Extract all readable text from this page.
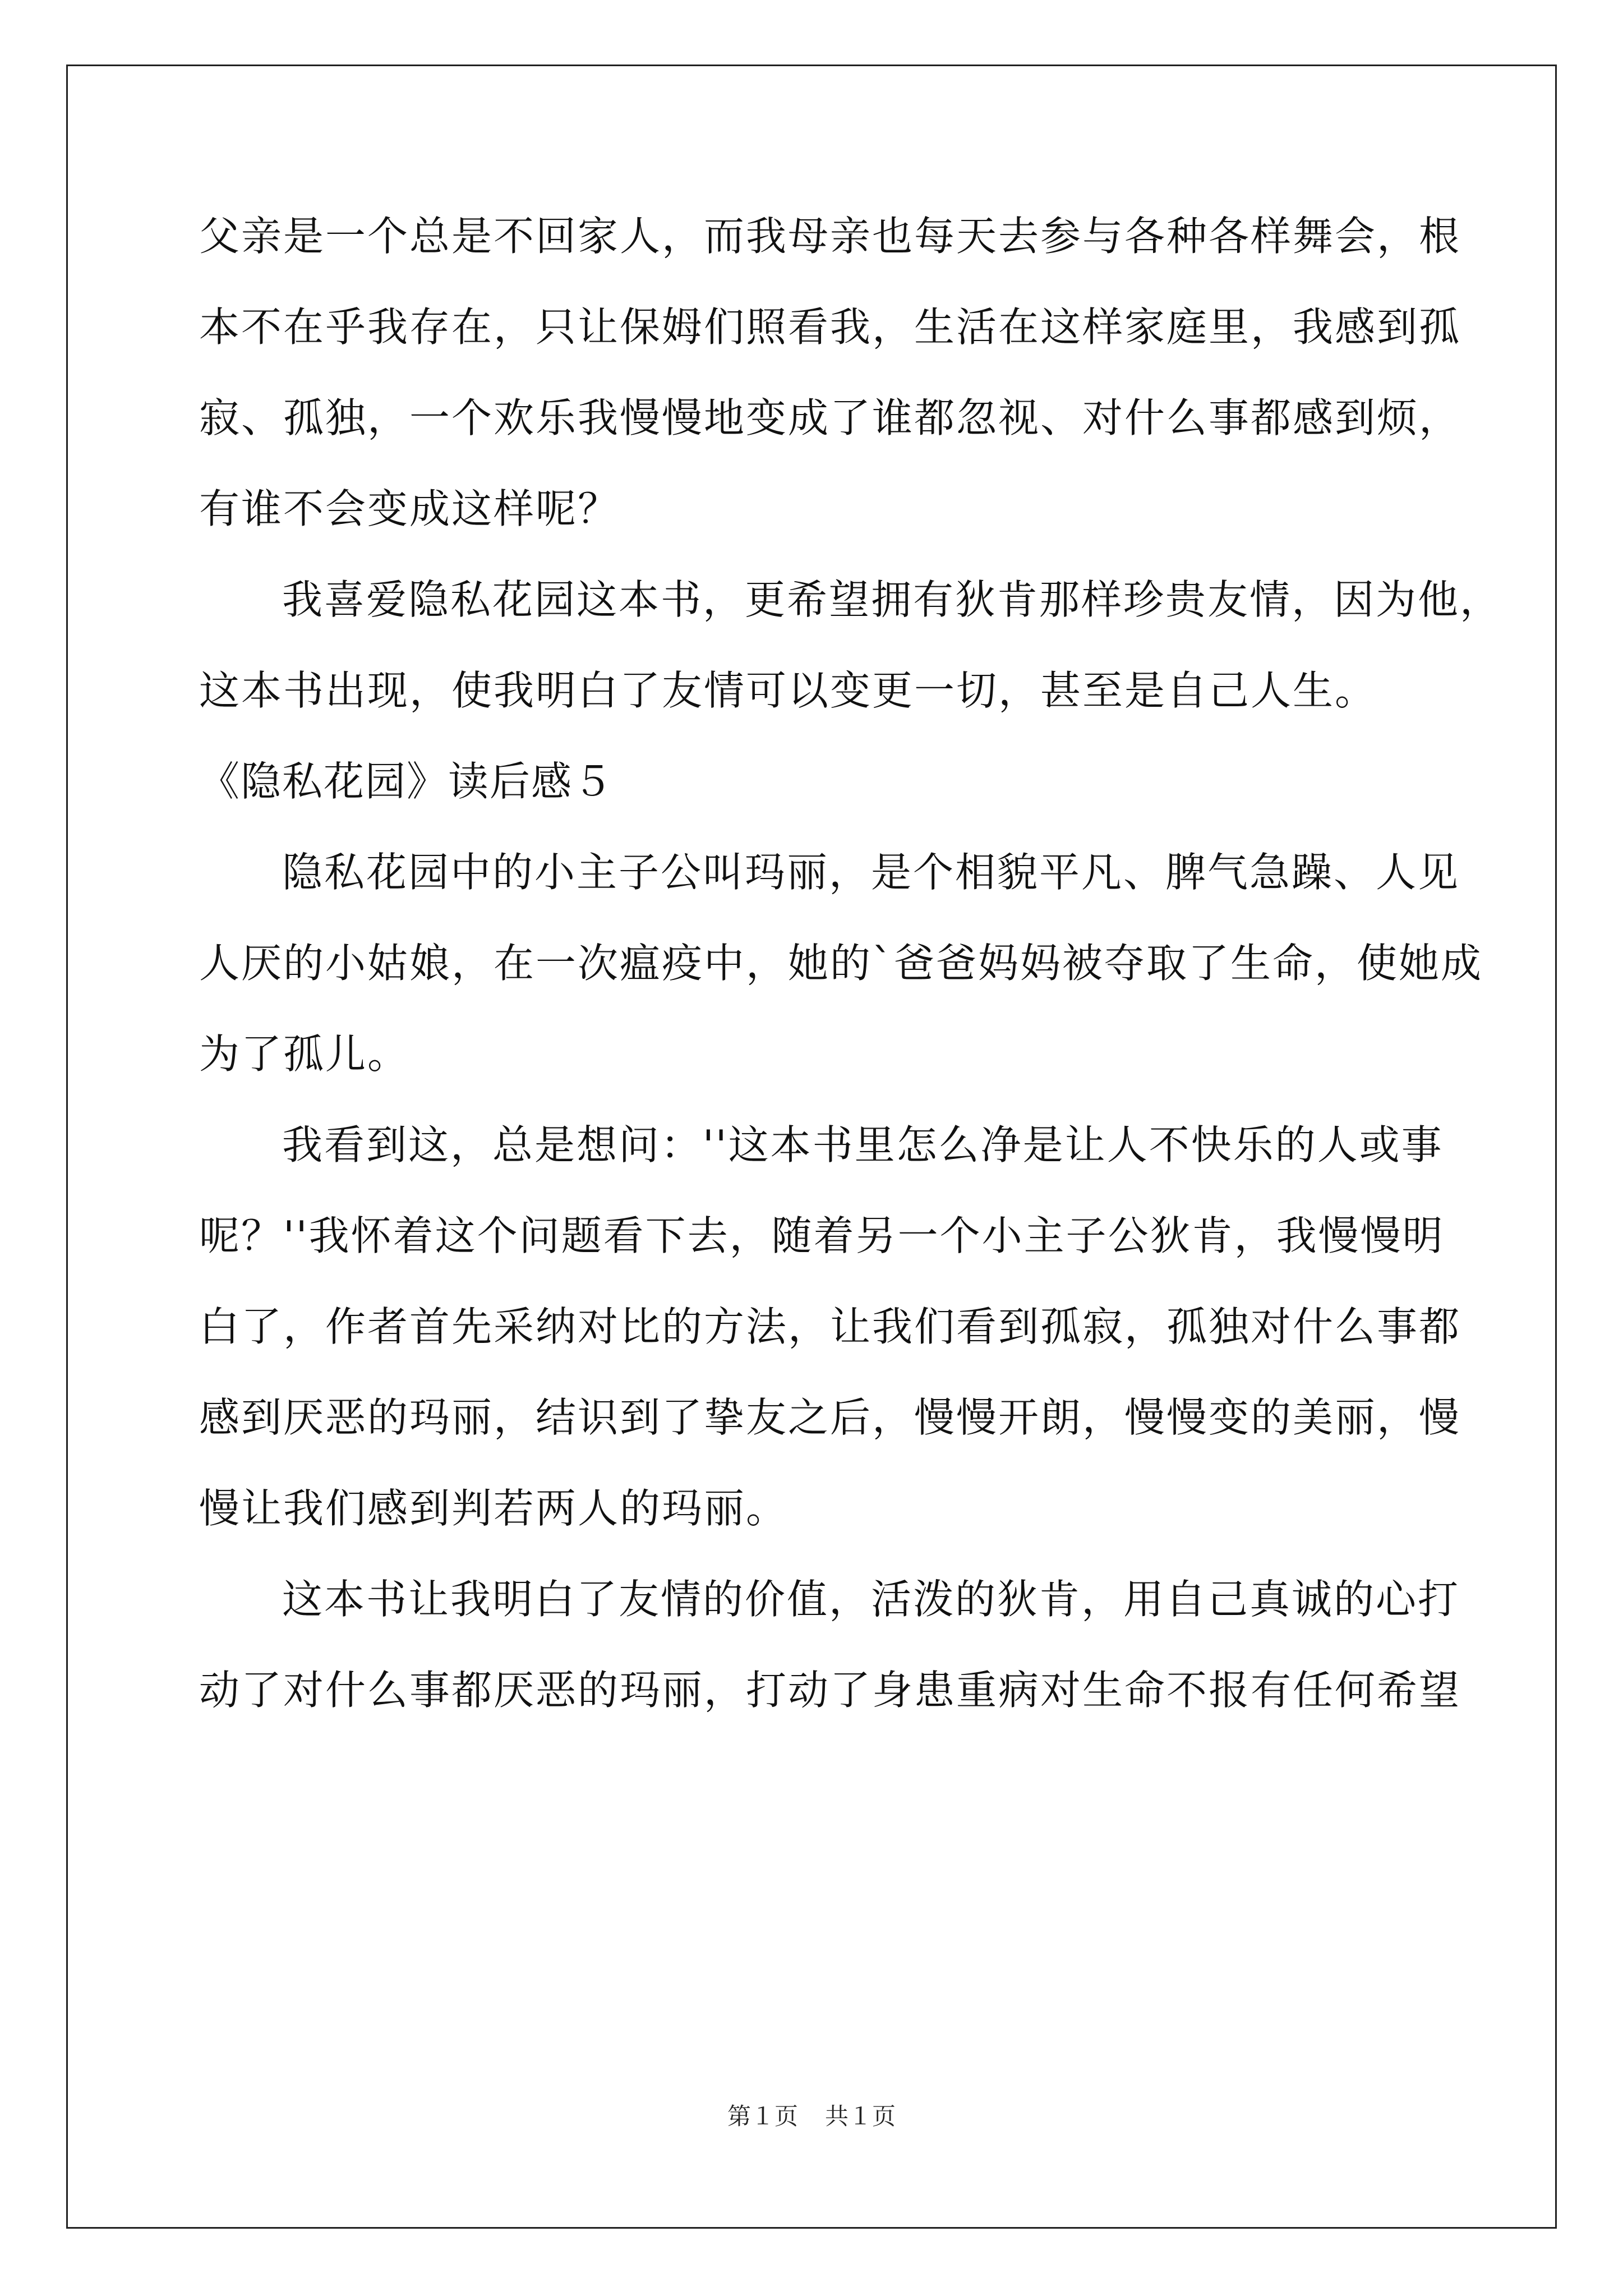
父亲是一个总是不回家人，而我母亲也每天去参与各种各样舞会，根
本不在乎我存在，只让保姆们照看我，生活在这样家庭里，我感到孤
寂、孤独，一个欢乐我慢慢地变成了谁都忽视、对什么事都感到烦，
有谁不会变成这样呢？
我喜爱隐私花园这本书，更希望拥有狄肯那样珍贵友情，因为他，
这本书出现，使我明白了友情可以变更一切，甚至是自己人生。
《隐私花园》读后感５
隐私花园中的小主子公叫玛丽，是个相貌平凡、脾气急躁、人见
人厌的小姑娘，在一次瘟疫中，她的`爸爸妈妈被夺取了生命，使她成
为了孤儿。
我看到这，总是想问：''这本书里怎么净是让人不快乐的人或事
呢？''我怀着这个问题看下去，随着另一个小主子公狄肯，我慢慢明
白了，作者首先采纳对比的方法，让我们看到孤寂，孤独对什么事都
感到厌恶的玛丽，结识到了挚友之后，慢慢开朗，慢慢变的美丽，慢
慢让我们感到判若两人的玛丽。
这本书让我明白了友情的价值，活泼的狄肯，用自己真诚的心打
动了对什么事都厌恶的玛丽，打动了身患重病对生命不报有任何希望
第１页 共１页
